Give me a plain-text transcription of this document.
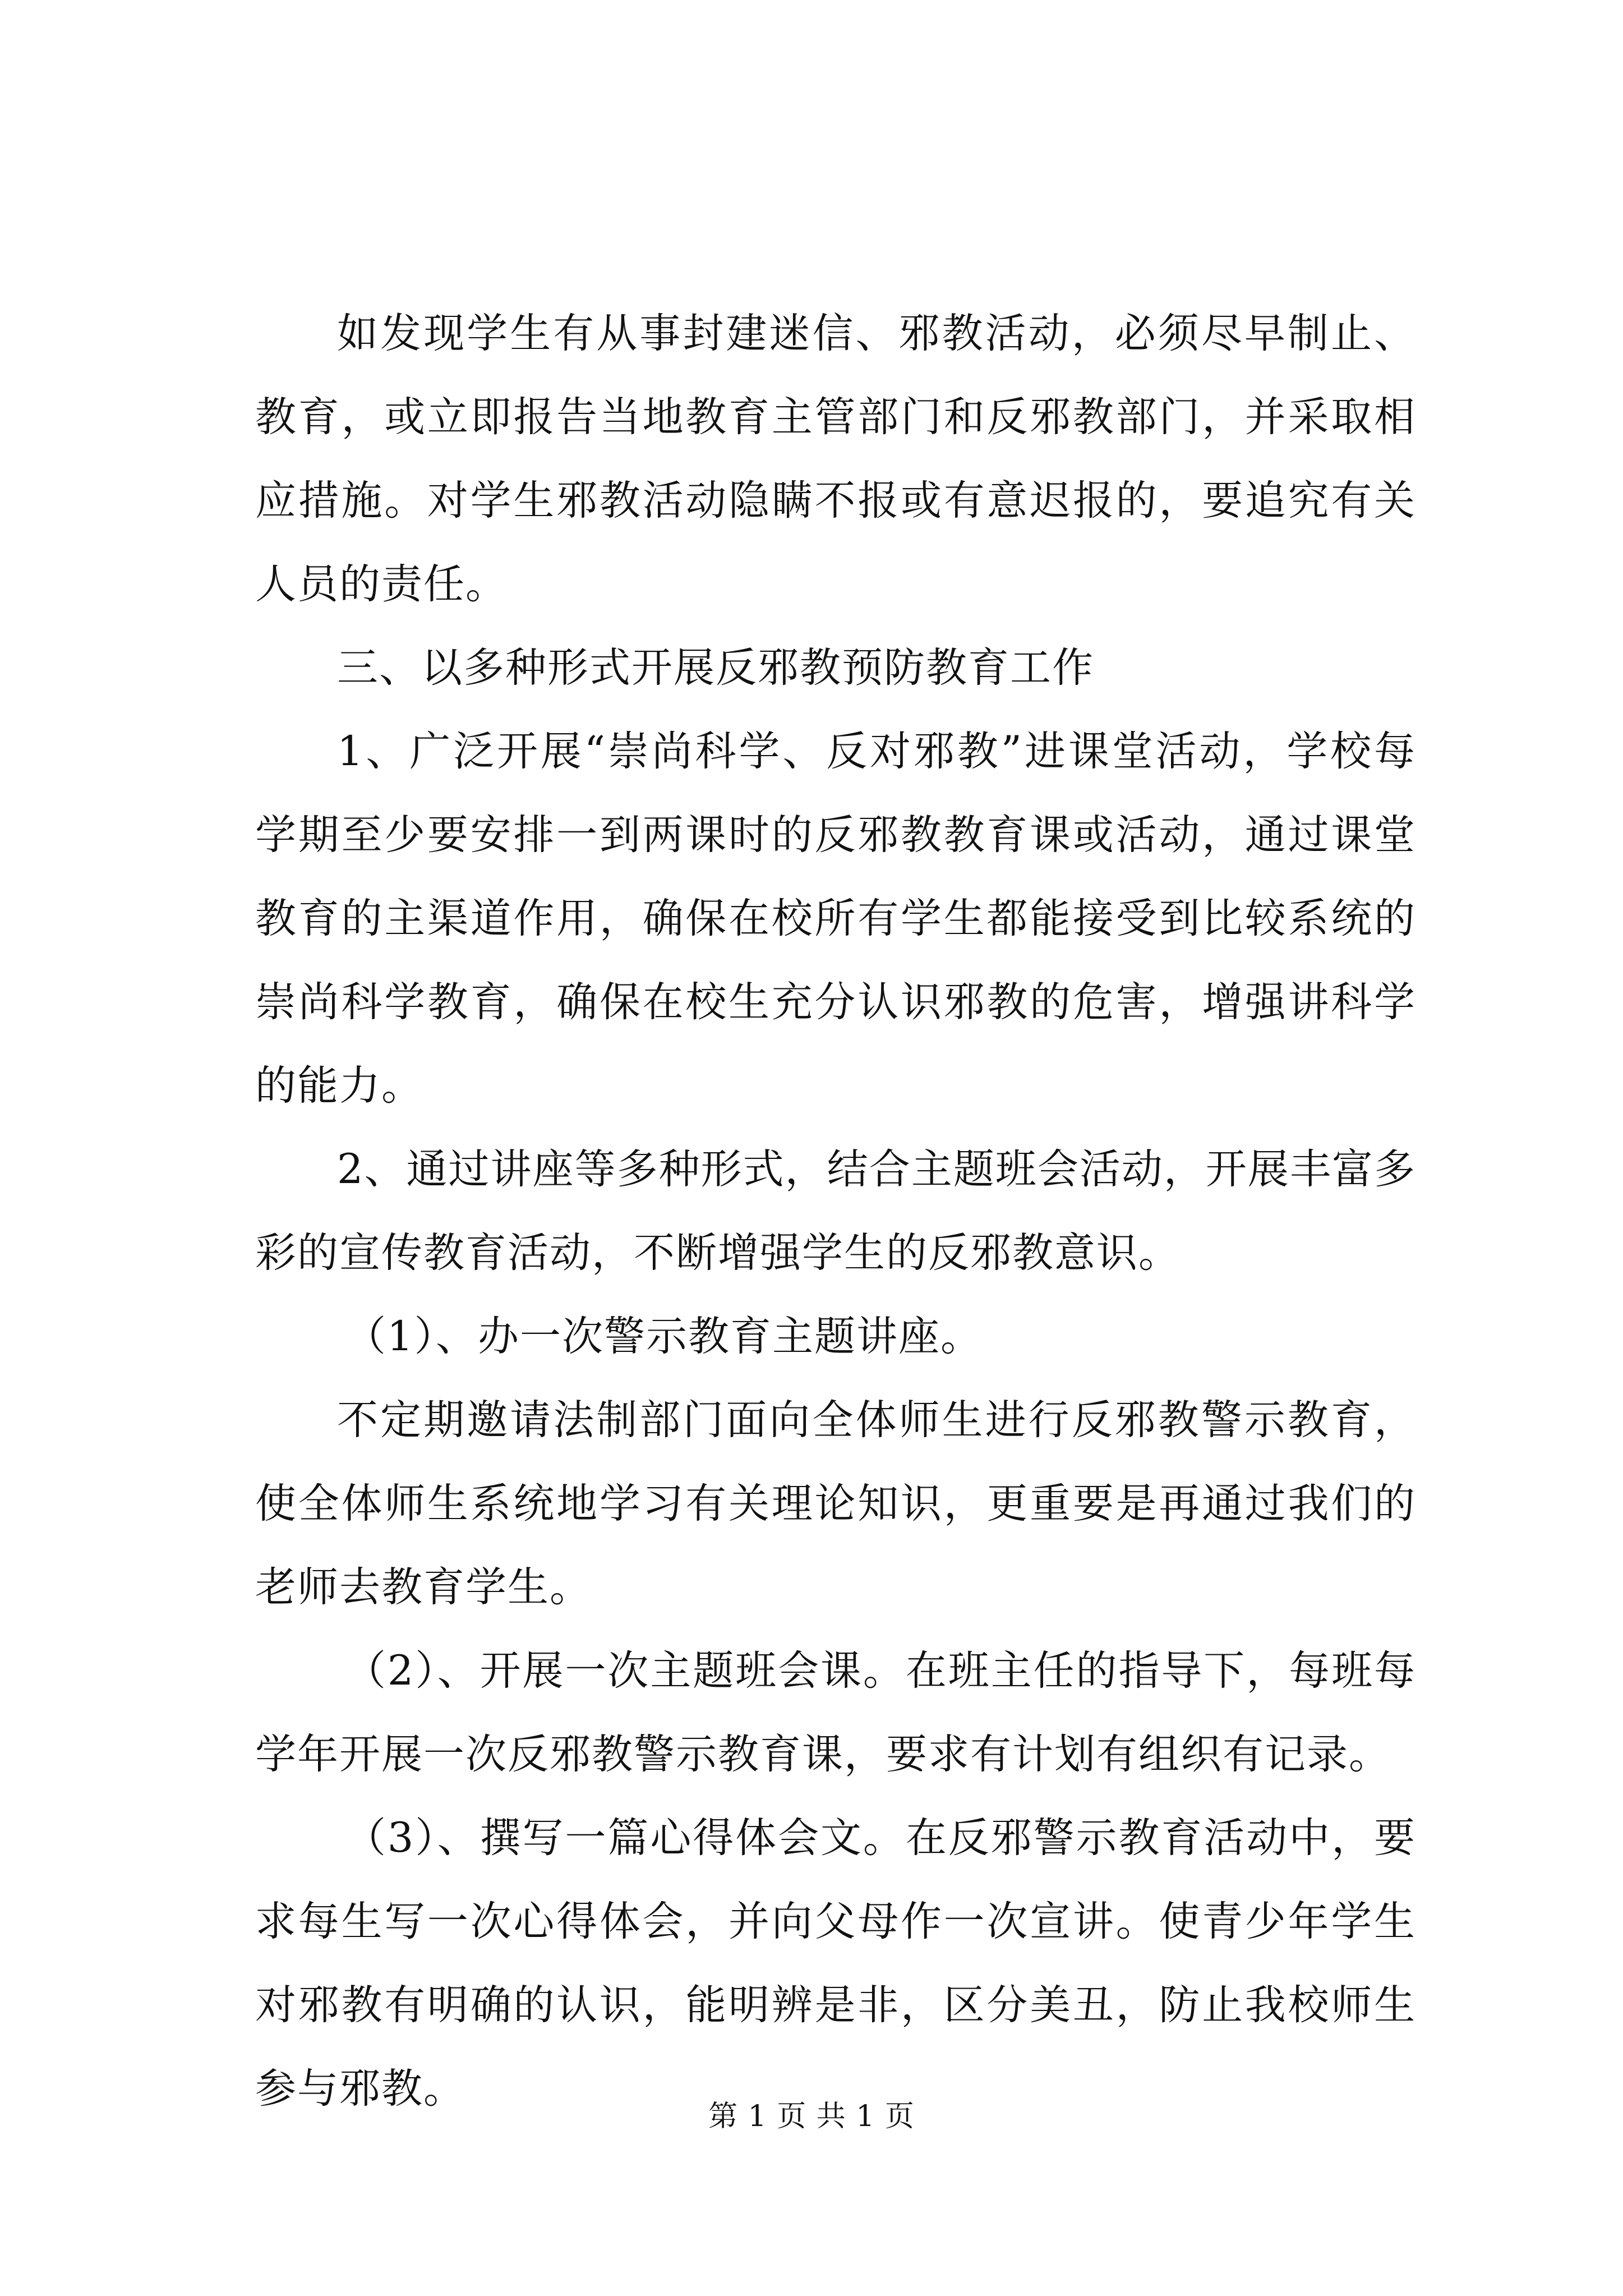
如发现学生有从事封建迷信、邪教活动，必须尽早制止、教育，或立即报告当地教育主管部门和反邪教部门，并采取相应措施。对学生邪教活动隐瞒不报或有意迟报的，要追究有关人员的责任。

三、以多种形式开展反邪教预防教育工作

1、广泛开展“崇尚科学、反对邪教”进课堂活动，学校每学期至少要安排一到两课时的反邪教教育课或活动，通过课堂教育的主渠道作用，确保在校所有学生都能接受到比较系统的崇尚科学教育，确保在校生充分认识邪教的危害，增强讲科学的能力。

2、通过讲座等多种形式，结合主题班会活动，开展丰富多彩的宣传教育活动，不断增强学生的反邪教意识。

（1）、办一次警示教育主题讲座。

不定期邀请法制部门面向全体师生进行反邪教警示教育，使全体师生系统地学习有关理论知识，更重要是再通过我们的老师去教育学生。

（2）、开展一次主题班会课。在班主任的指导下，每班每学年开展一次反邪教警示教育课，要求有计划有组织有记录。

（3）、撰写一篇心得体会文。在反邪警示教育活动中，要求每生写一次心得体会，并向父母作一次宣讲。使青少年学生对邪教有明确的认识，能明辨是非，区分美丑，防止我校师生参与邪教。

第 1 页 共 1 页
